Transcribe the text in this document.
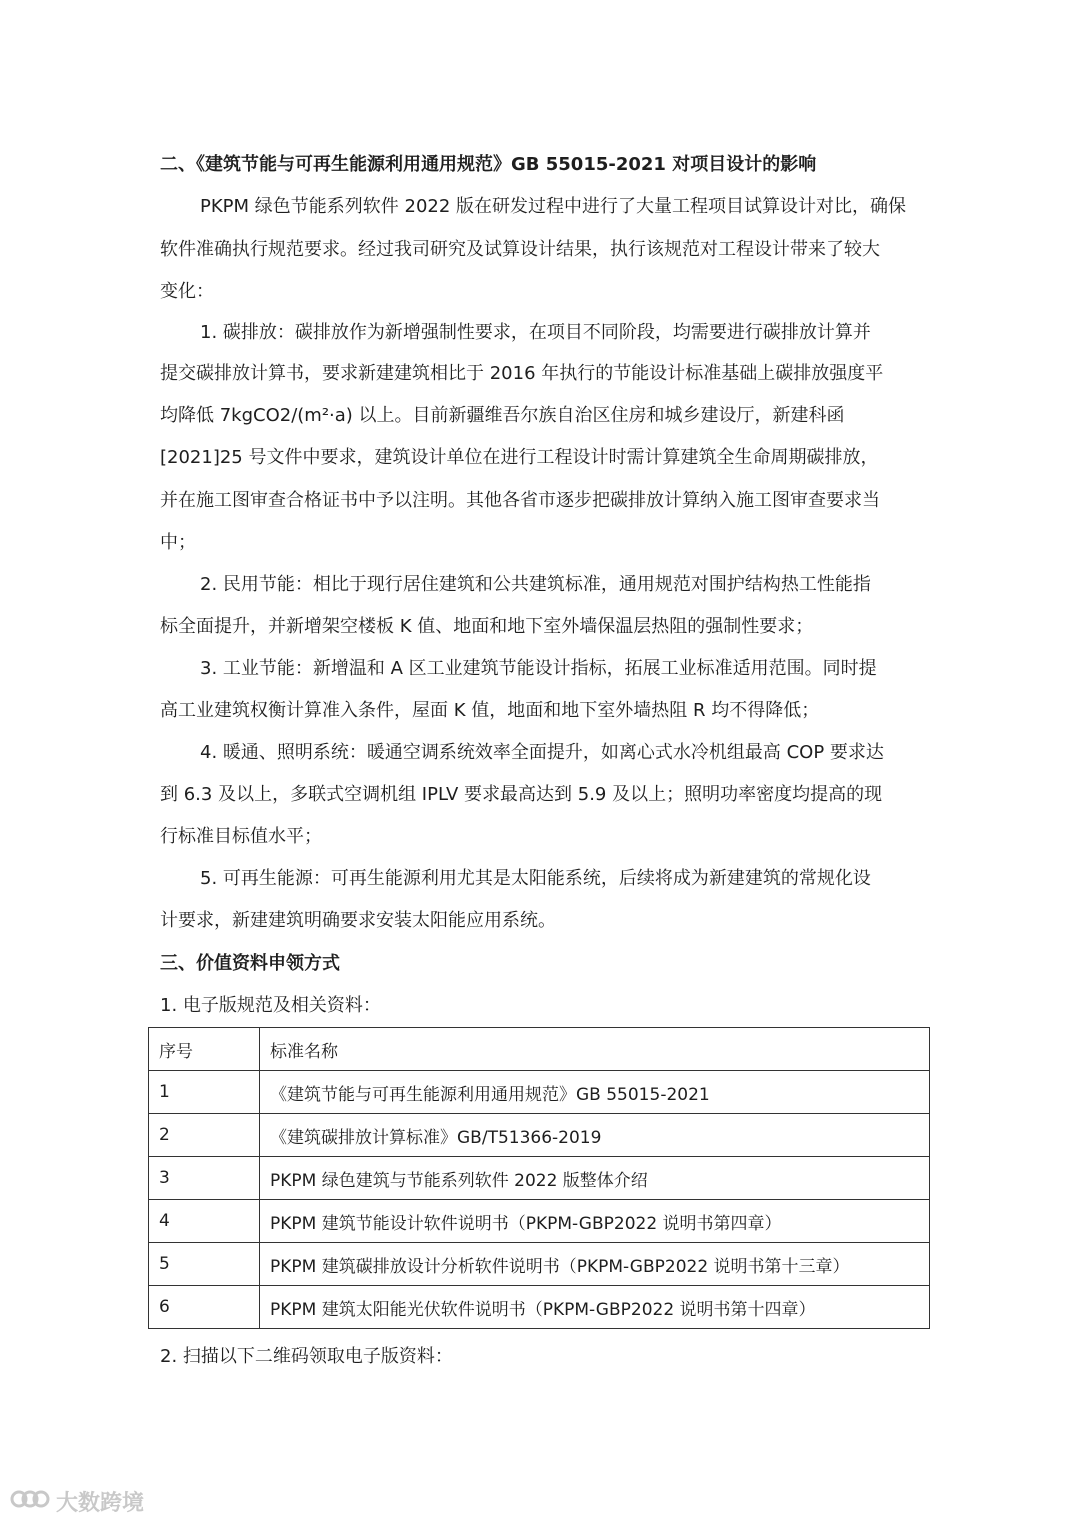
二、《建筑节能与可再生能源利用通用规范》GB 55015-2021 对项目设计的影响
PKPM 绿色节能系列软件 2022 版在研发过程中进行了大量工程项目试算设计对比，确保
软件准确执行规范要求。经过我司研究及试算设计结果，执行该规范对工程设计带来了较大
变化：
1. 碳排放：碳排放作为新增强制性要求，在项目不同阶段，均需要进行碳排放计算并
提交碳排放计算书，要求新建建筑相比于 2016 年执行的节能设计标准基础上碳排放强度平
均降低 7kgCO2/(m²·a) 以上。目前新疆维吾尔族自治区住房和城乡建设厅，新建科函
[2021]25 号文件中要求，建筑设计单位在进行工程设计时需计算建筑全生命周期碳排放，
并在施工图审查合格证书中予以注明。其他各省市逐步把碳排放计算纳入施工图审查要求当
中；
2. 民用节能：相比于现行居住建筑和公共建筑标准，通用规范对围护结构热工性能指
标全面提升，并新增架空楼板 K 值、地面和地下室外墙保温层热阻的强制性要求；
3. 工业节能：新增温和 A 区工业建筑节能设计指标，拓展工业标准适用范围。同时提
高工业建筑权衡计算准入条件，屋面 K 值，地面和地下室外墙热阻 R 均不得降低；
4. 暖通、照明系统：暖通空调系统效率全面提升，如离心式水冷机组最高 COP 要求达
到 6.3 及以上，多联式空调机组 IPLV 要求最高达到 5.9 及以上；照明功率密度均提高的现
行标准目标值水平；
5. 可再生能源：可再生能源利用尤其是太阳能系统，后续将成为新建建筑的常规化设
计要求，新建建筑明确要求安装太阳能应用系统。
三、价值资料申领方式
1. 电子版规范及相关资料：
序号	标准名称
1	《建筑节能与可再生能源利用通用规范》GB 55015-2021
2	《建筑碳排放计算标准》GB/T51366-2019
3	PKPM 绿色建筑与节能系列软件 2022 版整体介绍
4	PKPM 建筑节能设计软件说明书（PKPM-GBP2022 说明书第四章）
5	PKPM 建筑碳排放设计分析软件说明书（PKPM-GBP2022 说明书第十三章）
6	PKPM 建筑太阳能光伏软件说明书（PKPM-GBP2022 说明书第十四章）
2. 扫描以下二维码领取电子版资料：
大数跨境
